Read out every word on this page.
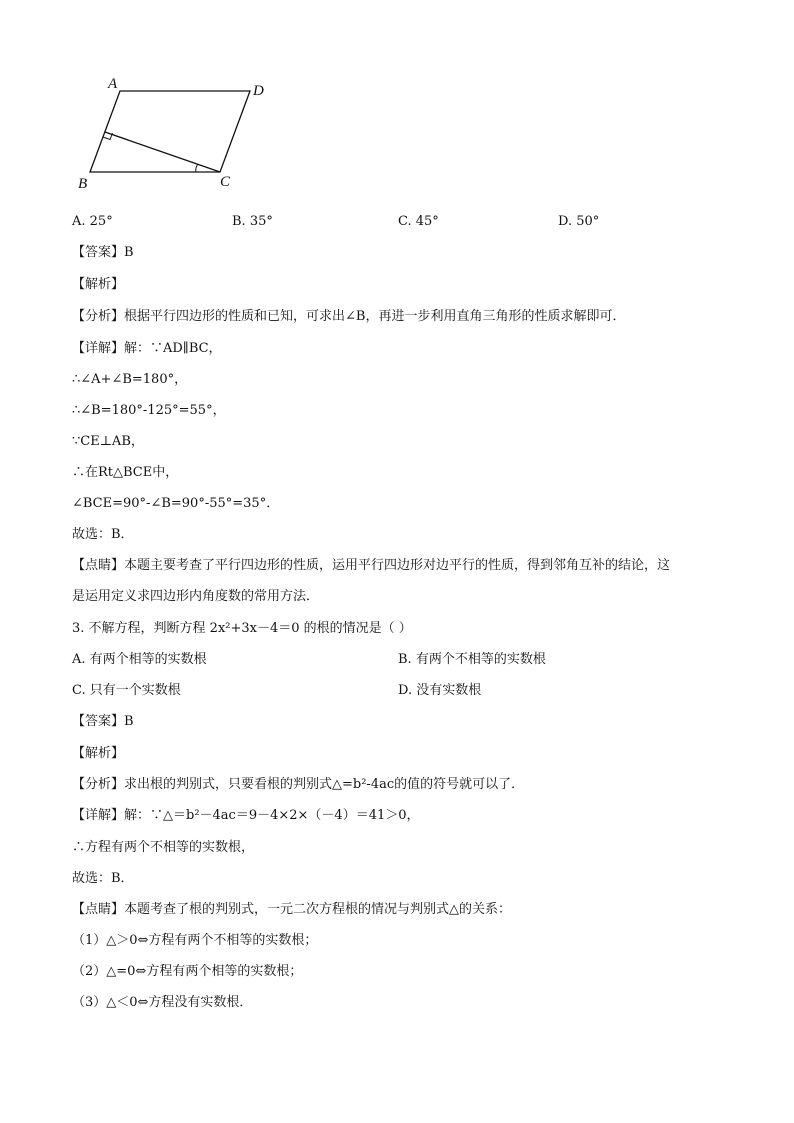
A	D
B	C
A. 25°	B. 35°	C. 45°	D. 50°
【答案】B
【解析】
【分析】根据平行四边形的性质和已知，可求出∠B，再进一步利用直角三角形的性质求解即可．
【详解】解：∵AD∥BC，
∴∠A+∠B=180°，
∴∠B=180°-125°=55°，
∵CE⊥AB，
∴在Rt△BCE中，
∠BCE=90°-∠B=90°-55°=35°．
故选：B．
【点睛】本题主要考查了平行四边形的性质，运用平行四边形对边平行的性质，得到邻角互补的结论，这
是运用定义求四边形内角度数的常用方法．
3. 不解方程，判断方程 2x²+3x－4＝0 的根的情况是（ ）
A. 有两个相等的实数根	B. 有两个不相等的实数根
C. 只有一个实数根	D. 没有实数根
【答案】B
【解析】
【分析】求出根的判别式，只要看根的判别式△=b²-4ac的值的符号就可以了．
【详解】解：∵△＝b²－4ac＝9－4×2×（－4）＝41＞0，
∴方程有两个不相等的实数根，
故选：B．
【点睛】本题考查了根的判别式，一元二次方程根的情况与判别式△的关系：
（1）△＞0⇔方程有两个不相等的实数根；
（2）△=0⇔方程有两个相等的实数根；
（3）△＜0⇔方程没有实数根．
